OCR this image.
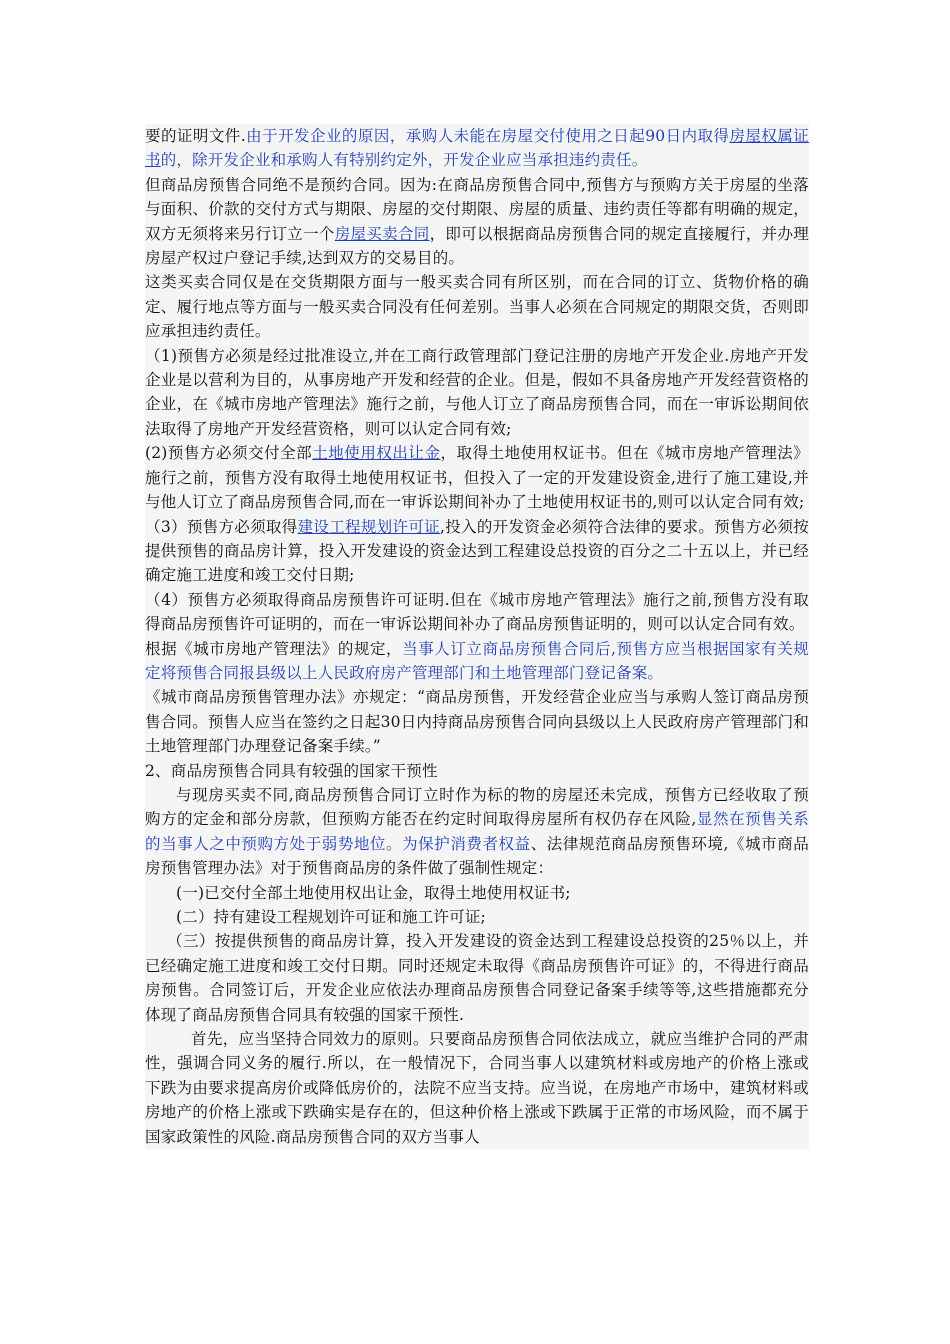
要的证明文件.由于开发企业的原因，承购人未能在房屋交付使用之日起90日内取得房屋权属证书的，除开发企业和承购人有特别约定外，开发企业应当承担违约责任。

但商品房预售合同绝不是预约合同。因为:在商品房预售合同中,预售方与预购方关于房屋的坐落与面积、价款的交付方式与期限、房屋的交付期限、房屋的质量、违约责任等都有明确的规定，双方无须将来另行订立一个房屋买卖合同，即可以根据商品房预售合同的规定直接履行，并办理房屋产权过户登记手续,达到双方的交易目的。

这类买卖合同仅是在交货期限方面与一般买卖合同有所区别，而在合同的订立、货物价格的确定、履行地点等方面与一般买卖合同没有任何差别。当事人必须在合同规定的期限交货，否则即应承担违约责任。

（1)预售方必须是经过批准设立,并在工商行政管理部门登记注册的房地产开发企业.房地产开发企业是以营利为目的，从事房地产开发和经营的企业。但是，假如不具备房地产开发经营资格的企业，在《城市房地产管理法》施行之前，与他人订立了商品房预售合同，而在一审诉讼期间依法取得了房地产开发经营资格，则可以认定合同有效;

(2)预售方必须交付全部土地使用权出让金，取得土地使用权证书。但在《城市房地产管理法》施行之前，预售方没有取得土地使用权证书，但投入了一定的开发建设资金,进行了施工建设,并与他人订立了商品房预售合同,而在一审诉讼期间补办了土地使用权证书的,则可以认定合同有效;

（3）预售方必须取得建设工程规划许可证,投入的开发资金必须符合法律的要求。预售方必须按提供预售的商品房计算，投入开发建设的资金达到工程建设总投资的百分之二十五以上，并已经确定施工进度和竣工交付日期;

（4）预售方必须取得商品房预售许可证明.但在《城市房地产管理法》施行之前,预售方没有取得商品房预售许可证明的，而在一审诉讼期间补办了商品房预售证明的，则可以认定合同有效。

根据《城市房地产管理法》的规定，当事人订立商品房预售合同后,预售方应当根据国家有关规定将预售合同报县级以上人民政府房产管理部门和土地管理部门登记备案。

《城市商品房预售管理办法》亦规定：“商品房预售，开发经营企业应当与承购人签订商品房预售合同。预售人应当在签约之日起30日内持商品房预售合同向县级以上人民政府房产管理部门和土地管理部门办理登记备案手续。”

2、商品房预售合同具有较强的国家干预性

与现房买卖不同,商品房预售合同订立时作为标的物的房屋还未完成，预售方已经收取了预购方的定金和部分房款，但预购方能否在约定时间取得房屋所有权仍存在风险,显然在预售关系的当事人之中预购方处于弱势地位。为保护消费者权益、法律规范商品房预售环境,《城市商品房预售管理办法》对于预售商品房的条件做了强制性规定：

(一)已交付全部土地使用权出让金，取得土地使用权证书;

(二）持有建设工程规划许可证和施工许可证;

（三）按提供预售的商品房计算，投入开发建设的资金达到工程建设总投资的25％以上，并已经确定施工进度和竣工交付日期。同时还规定未取得《商品房预售许可证》的，不得进行商品房预售。合同签订后，开发企业应依法办理商品房预售合同登记备案手续等等,这些措施都充分体现了商品房预售合同具有较强的国家干预性.

首先，应当坚持合同效力的原则。只要商品房预售合同依法成立，就应当维护合同的严肃性，强调合同义务的履行.所以，在一般情况下，合同当事人以建筑材料或房地产的价格上涨或下跌为由要求提高房价或降低房价的，法院不应当支持。应当说，在房地产市场中，建筑材料或房地产的价格上涨或下跌确实是存在的，但这种价格上涨或下跌属于正常的市场风险，而不属于国家政策性的风险.商品房预售合同的双方当事人
